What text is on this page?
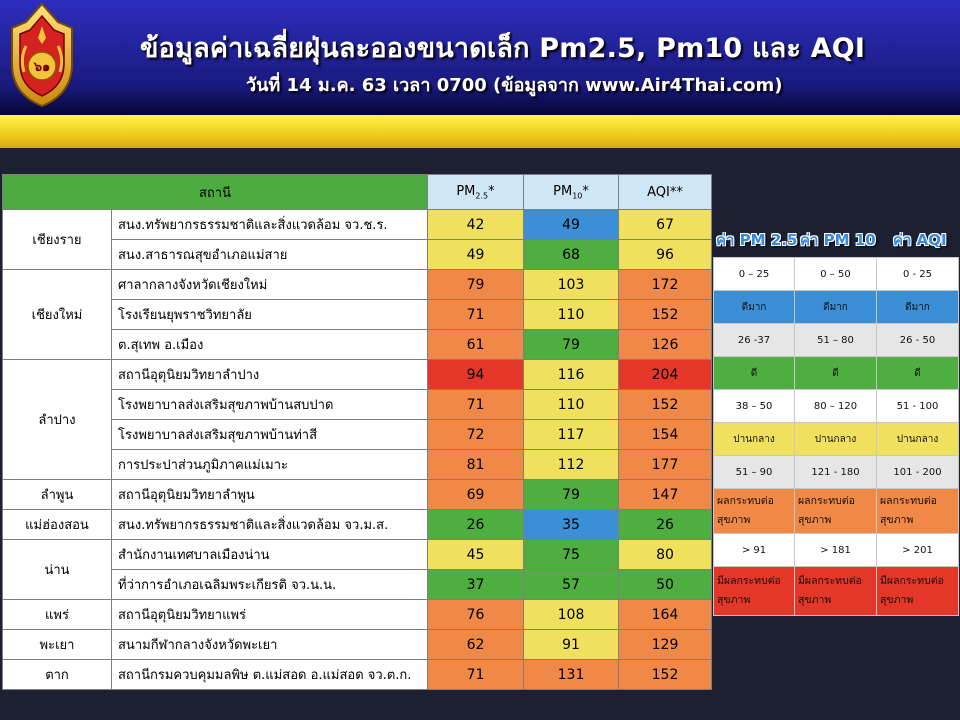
๖๑
ข้อมูลค่าเฉลี่ยฝุ่นละอองขนาดเล็ก Pm2.5, Pm10 และ AQI
วันที่ 14 ม.ค. 63 เวลา 0700 (ข้อมูลจาก www.Air4Thai.com)
สถานี		$PM_{2.5}*$	$PM_{10}*$	AQI**
เชียงราย	สนง.ทรัพยากรธรรมชาติและสิ่งแวดล้อม จว.ช.ร.	42	49	67
	สนง.สาธารณสุขอำเภอแม่สาย	49	68	96
เชียงใหม่	ศาลากลางจังหวัดเชียงใหม่	79	103	172
	โรงเรียนยุพราชวิทยาลัย	71	110	152
	ต.สุเทพ อ.เมือง	61	79	126
ลำปาง	สถานีอุตุนิยมวิทยาลำปาง	94	116	204
	โรงพยาบาลส่งเสริมสุขภาพบ้านสบปาด	71	110	152
	โรงพยาบาลส่งเสริมสุขภาพบ้านท่าสี	72	117	154
	การประปาส่วนภูมิภาคแม่เมาะ	81	112	177
ลำพูน	สถานีอุตุนิยมวิทยาลำพูน	69	79	147
แม่ฮ่องสอน	สนง.ทรัพยากรธรรมชาติและสิ่งแวดล้อม จว.ม.ส.	26	35	26
น่าน	สำนักงานเทศบาลเมืองน่าน	45	75	80
	ที่ว่าการอำเภอเฉลิมพระเกียรติ จว.น.น.	37	57	50
แพร่	สถานีอุตุนิยมวิทยาแพร่	76	108	164
พะเยา	สนามกีฬากลางจังหวัดพะเยา	62	91	129
ตาก	สถานีกรมควบคุมมลพิษ ต.แม่สอด อ.แม่สอด จว.ต.ก.	71	131	152
ค่า PM 2.5 ค่า PM 10 ค่า AQI
0 – 25	0 – 50	0 - 25
ดีมาก	ดีมาก	ดีมาก
26 -37	51 – 80	26 - 50
ดี	ดี	ดี
38 – 50	80 – 120	51 - 100
ปานกลาง	ปานกลาง	ปานกลาง
51 – 90	121 - 180	101 - 200
ผลกระทบต่อสุขภาพ	ผลกระทบต่อสุขภาพ	ผลกระทบต่อสุขภาพ
> 91	> 181	> 201
มีผลกระทบต่อสุขภาพ	มีผลกระทบต่อสุขภาพ	มีผลกระทบต่อสุขภาพ
